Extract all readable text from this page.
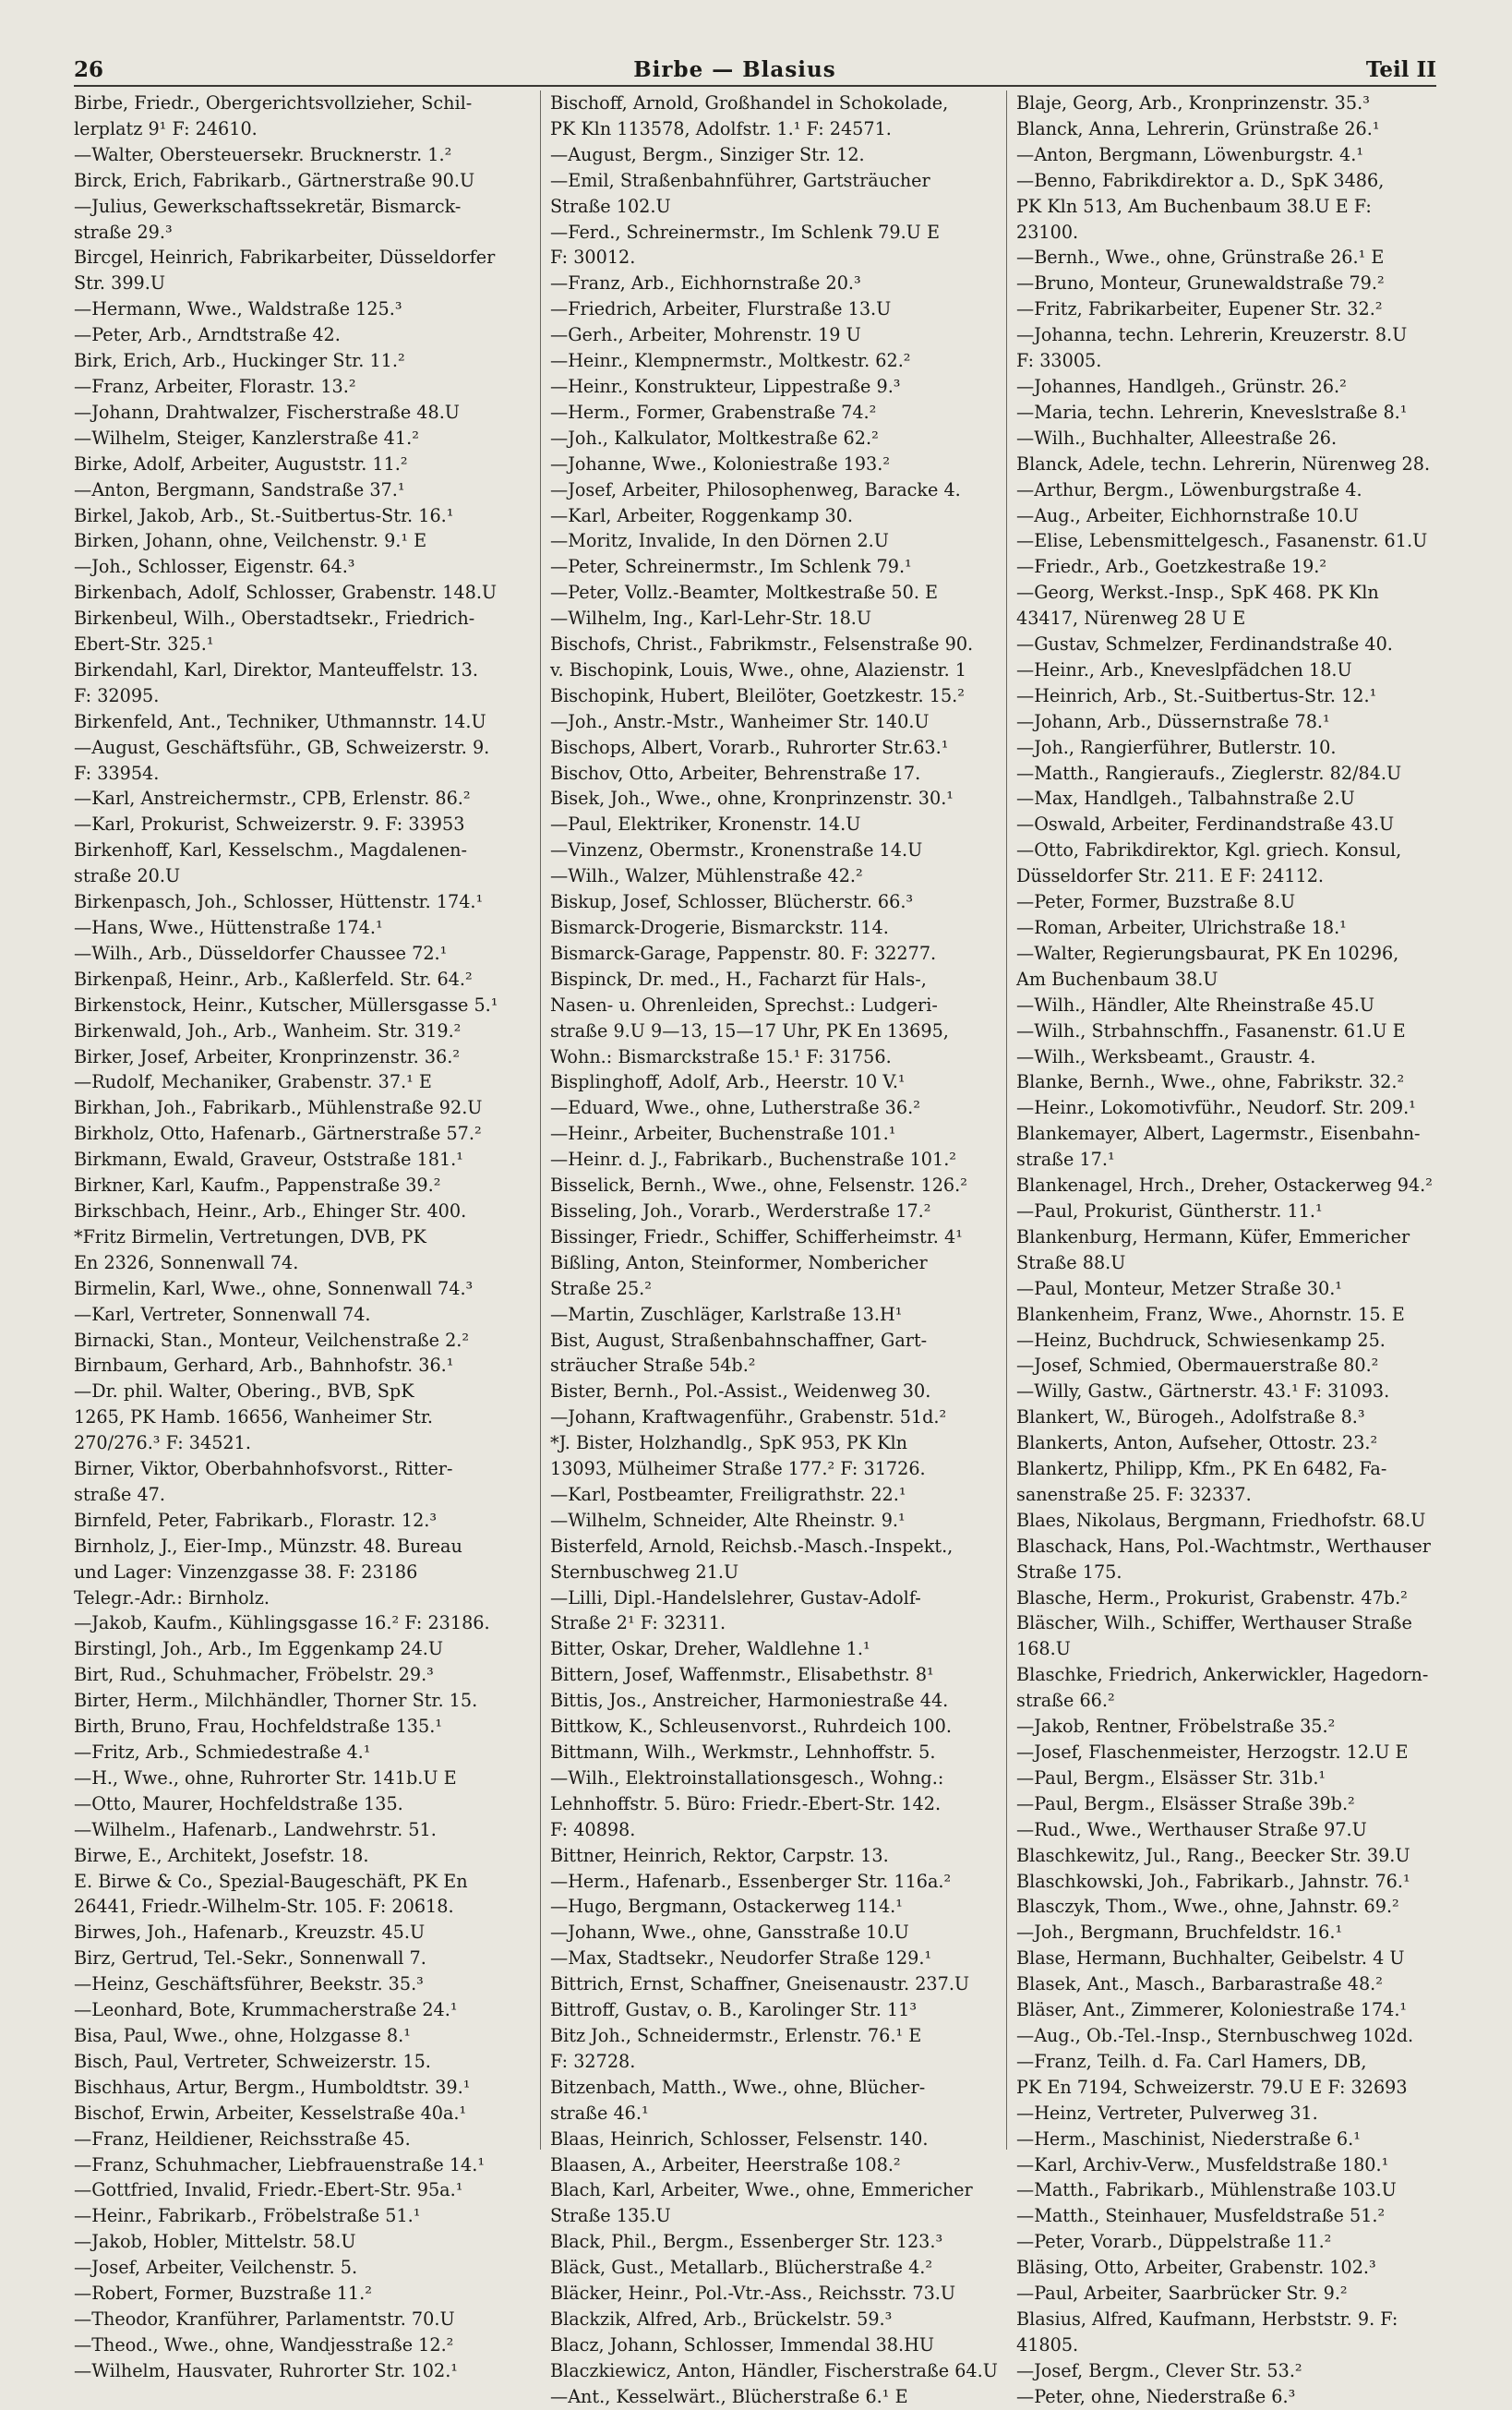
26	Birbe — Blasius	Teil II
Birbe, Friedr., Obergerichtsvollzieher, Schil-
lerplatz 9¹ F: 24610.
—Walter, Obersteuersekr. Brucknerstr. 1.²
Birck, Erich, Fabrikarb., Gärtnerstraße 90.U
—Julius, Gewerkschaftssekretär, Bismarck-
straße 29.³
Bircgel, Heinrich, Fabrikarbeiter, Düsseldorfer
Str. 399.U
—Hermann, Wwe., Waldstraße 125.³
—Peter, Arb., Arndtstraße 42.
Birk, Erich, Arb., Huckinger Str. 11.²
—Franz, Arbeiter, Florastr. 13.²
—Johann, Drahtwalzer, Fischerstraße 48.U
—Wilhelm, Steiger, Kanzlerstraße 41.²
Birke, Adolf, Arbeiter, Auguststr. 11.²
—Anton, Bergmann, Sandstraße 37.¹
Birkel, Jakob, Arb., St.-Suitbertus-Str. 16.¹
Birken, Johann, ohne, Veilchenstr. 9.¹ E
—Joh., Schlosser, Eigenstr. 64.³
Birkenbach, Adolf, Schlosser, Grabenstr. 148.U
Birkenbeul, Wilh., Oberstadtsekr., Friedrich-
Ebert-Str. 325.¹
Birkendahl, Karl, Direktor, Manteuffelstr. 13.
F: 32095.
Birkenfeld, Ant., Techniker, Uthmannstr. 14.U
—August, Geschäftsführ., GB, Schweizerstr. 9.
F: 33954.
—Karl, Anstreichermstr., CPB, Erlenstr. 86.²
—Karl, Prokurist, Schweizerstr. 9. F: 33953
Birkenhoff, Karl, Kesselschm., Magdalenen-
straße 20.U
Birkenpasch, Joh., Schlosser, Hüttenstr. 174.¹
—Hans, Wwe., Hüttenstraße 174.¹
—Wilh., Arb., Düsseldorfer Chaussee 72.¹
Birkenpaß, Heinr., Arb., Kaßlerfeld. Str. 64.²
Birkenstock, Heinr., Kutscher, Müllersgasse 5.¹
Birkenwald, Joh., Arb., Wanheim. Str. 319.²
Birker, Josef, Arbeiter, Kronprinzenstr. 36.²
—Rudolf, Mechaniker, Grabenstr. 37.¹ E
Birkhan, Joh., Fabrikarb., Mühlenstraße 92.U
Birkholz, Otto, Hafenarb., Gärtnerstraße 57.²
Birkmann, Ewald, Graveur, Oststraße 181.¹
Birkner, Karl, Kaufm., Pappenstraße 39.²
Birkschbach, Heinr., Arb., Ehinger Str. 400.
*Fritz Birmelin, Vertretungen, DVB, PK
En 2326, Sonnenwall 74.
Birmelin, Karl, Wwe., ohne, Sonnenwall 74.³
—Karl, Vertreter, Sonnenwall 74.
Birnacki, Stan., Monteur, Veilchenstraße 2.²
Birnbaum, Gerhard, Arb., Bahnhofstr. 36.¹
—Dr. phil. Walter, Obering., BVB, SpK
1265, PK Hamb. 16656, Wanheimer Str.
270/276.³ F: 34521.
Birner, Viktor, Oberbahnhofsvorst., Ritter-
straße 47.
Birnfeld, Peter, Fabrikarb., Florastr. 12.³
Birnholz, J., Eier-Imp., Münzstr. 48. Bureau
und Lager: Vinzenzgasse 38. F: 23186
Telegr.-Adr.: Birnholz.
—Jakob, Kaufm., Kühlingsgasse 16.² F: 23186.
Birstingl, Joh., Arb., Im Eggenkamp 24.U
Birt, Rud., Schuhmacher, Fröbelstr. 29.³
Birter, Herm., Milchhändler, Thorner Str. 15.
Birth, Bruno, Frau, Hochfeldstraße 135.¹
—Fritz, Arb., Schmiedestraße 4.¹
—H., Wwe., ohne, Ruhrorter Str. 141b.U E
—Otto, Maurer, Hochfeldstraße 135.
—Wilhelm., Hafenarb., Landwehrstr. 51.
Birwe, E., Architekt, Josefstr. 18.
E. Birwe & Co., Spezial-Baugeschäft, PK En
26441, Friedr.-Wilhelm-Str. 105. F: 20618.
Birwes, Joh., Hafenarb., Kreuzstr. 45.U
Birz, Gertrud, Tel.-Sekr., Sonnenwall 7.
—Heinz, Geschäftsführer, Beekstr. 35.³
—Leonhard, Bote, Krummacherstraße 24.¹
Bisa, Paul, Wwe., ohne, Holzgasse 8.¹
Bisch, Paul, Vertreter, Schweizerstr. 15.
Bischhaus, Artur, Bergm., Humboldtstr. 39.¹
Bischof, Erwin, Arbeiter, Kesselstraße 40a.¹
—Franz, Heildiener, Reichsstraße 45.
—Franz, Schuhmacher, Liebfrauenstraße 14.¹
—Gottfried, Invalid, Friedr.-Ebert-Str. 95a.¹
—Heinr., Fabrikarb., Fröbelstraße 51.¹
—Jakob, Hobler, Mittelstr. 58.U
—Josef, Arbeiter, Veilchenstr. 5.
—Robert, Former, Buzstraße 11.²
—Theodor, Kranführer, Parlamentstr. 70.U
—Theod., Wwe., ohne, Wandjesstraße 12.²
—Wilhelm, Hausvater, Ruhrorter Str. 102.¹
Bischoff, Arnold, Großhandel in Schokolade,
PK Kln 113578, Adolfstr. 1.¹ F: 24571.
—August, Bergm., Sinziger Str. 12.
—Emil, Straßenbahnführer, Gartsträucher
Straße 102.U
—Ferd., Schreinermstr., Im Schlenk 79.U E
F: 30012.
—Franz, Arb., Eichhornstraße 20.³
—Friedrich, Arbeiter, Flurstraße 13.U
—Gerh., Arbeiter, Mohrenstr. 19 U
—Heinr., Klempnermstr., Moltkestr. 62.²
—Heinr., Konstrukteur, Lippestraße 9.³
—Herm., Former, Grabenstraße 74.²
—Joh., Kalkulator, Moltkestraße 62.²
—Johanne, Wwe., Koloniestraße 193.²
—Josef, Arbeiter, Philosophenweg, Baracke 4.
—Karl, Arbeiter, Roggenkamp 30.
—Moritz, Invalide, In den Dörnen 2.U
—Peter, Schreinermstr., Im Schlenk 79.¹
—Peter, Vollz.-Beamter, Moltkestraße 50. E
—Wilhelm, Ing., Karl-Lehr-Str. 18.U
Bischofs, Christ., Fabrikmstr., Felsenstraße 90.
v. Bischopink, Louis, Wwe., ohne, Alazienstr. 1
Bischopink, Hubert, Bleilöter, Goetzkestr. 15.²
—Joh., Anstr.-Mstr., Wanheimer Str. 140.U
Bischops, Albert, Vorarb., Ruhrorter Str.63.¹
Bischov, Otto, Arbeiter, Behrenstraße 17.
Bisek, Joh., Wwe., ohne, Kronprinzenstr. 30.¹
—Paul, Elektriker, Kronenstr. 14.U
—Vinzenz, Obermstr., Kronenstraße 14.U
—Wilh., Walzer, Mühlenstraße 42.²
Biskup, Josef, Schlosser, Blücherstr. 66.³
Bismarck-Drogerie, Bismarckstr. 114.
Bismarck-Garage, Pappenstr. 80. F: 32277.
Bispinck, Dr. med., H., Facharzt für Hals-,
Nasen- u. Ohrenleiden, Sprechst.: Ludgeri-
straße 9.U 9—13, 15—17 Uhr, PK En 13695,
Wohn.: Bismarckstraße 15.¹ F: 31756.
Bisplinghoff, Adolf, Arb., Heerstr. 10 V.¹
—Eduard, Wwe., ohne, Lutherstraße 36.²
—Heinr., Arbeiter, Buchenstraße 101.¹
—Heinr. d. J., Fabrikarb., Buchenstraße 101.²
Bisselick, Bernh., Wwe., ohne, Felsenstr. 126.²
Bisseling, Joh., Vorarb., Werderstraße 17.²
Bissinger, Friedr., Schiffer, Schifferheimstr. 4¹
Bißling, Anton, Steinformer, Nombericher
Straße 25.²
—Martin, Zuschläger, Karlstraße 13.H¹
Bist, August, Straßenbahnschaffner, Gart-
sträucher Straße 54b.²
Bister, Bernh., Pol.-Assist., Weidenweg 30.
—Johann, Kraftwagenführ., Grabenstr. 51d.²
*J. Bister, Holzhandlg., SpK 953, PK Kln
13093, Mülheimer Straße 177.² F: 31726.
—Karl, Postbeamter, Freiligrathstr. 22.¹
—Wilhelm, Schneider, Alte Rheinstr. 9.¹
Bisterfeld, Arnold, Reichsb.-Masch.-Inspekt.,
Sternbuschweg 21.U
—Lilli, Dipl.-Handelslehrer, Gustav-Adolf-
Straße 2¹ F: 32311.
Bitter, Oskar, Dreher, Waldlehne 1.¹
Bittern, Josef, Waffenmstr., Elisabethstr. 8¹
Bittis, Jos., Anstreicher, Harmoniestraße 44.
Bittkow, K., Schleusenvorst., Ruhrdeich 100.
Bittmann, Wilh., Werkmstr., Lehnhoffstr. 5.
—Wilh., Elektroinstallationsgesch., Wohng.:
Lehnhoffstr. 5. Büro: Friedr.-Ebert-Str. 142.
F: 40898.
Bittner, Heinrich, Rektor, Carpstr. 13.
—Herm., Hafenarb., Essenberger Str. 116a.²
—Hugo, Bergmann, Ostackerweg 114.¹
—Johann, Wwe., ohne, Gansstraße 10.U
—Max, Stadtsekr., Neudorfer Straße 129.¹
Bittrich, Ernst, Schaffner, Gneisenaustr. 237.U
Bittroff, Gustav, o. B., Karolinger Str. 11³
Bitz Joh., Schneidermstr., Erlenstr. 76.¹ E
F: 32728.
Bitzenbach, Matth., Wwe., ohne, Blücher-
straße 46.¹
Blaas, Heinrich, Schlosser, Felsenstr. 140.
Blaasen, A., Arbeiter, Heerstraße 108.²
Blach, Karl, Arbeiter, Wwe., ohne, Emmericher
Straße 135.U
Black, Phil., Bergm., Essenberger Str. 123.³
Bläck, Gust., Metallarb., Blücherstraße 4.²
Bläcker, Heinr., Pol.-Vtr.-Ass., Reichsstr. 73.U
Blackzik, Alfred, Arb., Brückelstr. 59.³
Blacz, Johann, Schlosser, Immendal 38.HU
Blaczkiewicz, Anton, Händler, Fischerstraße 64.U
—Ant., Kesselwärt., Blücherstraße 6.¹ E
Blaje, Georg, Arb., Kronprinzenstr. 35.³
Blanck, Anna, Lehrerin, Grünstraße 26.¹
—Anton, Bergmann, Löwenburgstr. 4.¹
—Benno, Fabrikdirektor a. D., SpK 3486,
PK Kln 513, Am Buchenbaum 38.U E F:
23100.
—Bernh., Wwe., ohne, Grünstraße 26.¹ E
—Bruno, Monteur, Grunewaldstraße 79.²
—Fritz, Fabrikarbeiter, Eupener Str. 32.²
—Johanna, techn. Lehrerin, Kreuzerstr. 8.U
F: 33005.
—Johannes, Handlgeh., Grünstr. 26.²
—Maria, techn. Lehrerin, Kneveslstraße 8.¹
—Wilh., Buchhalter, Alleestraße 26.
Blanck, Adele, techn. Lehrerin, Nürenweg 28.
—Arthur, Bergm., Löwenburgstraße 4.
—Aug., Arbeiter, Eichhornstraße 10.U
—Elise, Lebensmittelgesch., Fasanenstr. 61.U
—Friedr., Arb., Goetzkestraße 19.²
—Georg, Werkst.-Insp., SpK 468. PK Kln
43417, Nürenweg 28 U E
—Gustav, Schmelzer, Ferdinandstraße 40.
—Heinr., Arb., Kneveslpfädchen 18.U
—Heinrich, Arb., St.-Suitbertus-Str. 12.¹
—Johann, Arb., Düssernstraße 78.¹
—Joh., Rangierführer, Butlerstr. 10.
—Matth., Rangieraufs., Zieglerstr. 82/84.U
—Max, Handlgeh., Talbahnstraße 2.U
—Oswald, Arbeiter, Ferdinandstraße 43.U
—Otto, Fabrikdirektor, Kgl. griech. Konsul,
Düsseldorfer Str. 211. E F: 24112.
—Peter, Former, Buzstraße 8.U
—Roman, Arbeiter, Ulrichstraße 18.¹
—Walter, Regierungsbaurat, PK En 10296,
Am Buchenbaum 38.U
—Wilh., Händler, Alte Rheinstraße 45.U
—Wilh., Strbahnschffn., Fasanenstr. 61.U E
—Wilh., Werksbeamt., Graustr. 4.
Blanke, Bernh., Wwe., ohne, Fabrikstr. 32.²
—Heinr., Lokomotivführ., Neudorf. Str. 209.¹
Blankemayer, Albert, Lagermstr., Eisenbahn-
straße 17.¹
Blankenagel, Hrch., Dreher, Ostackerweg 94.²
—Paul, Prokurist, Güntherstr. 11.¹
Blankenburg, Hermann, Küfer, Emmericher
Straße 88.U
—Paul, Monteur, Metzer Straße 30.¹
Blankenheim, Franz, Wwe., Ahornstr. 15. E
—Heinz, Buchdruck, Schwiesenkamp 25.
—Josef, Schmied, Obermauerstraße 80.²
—Willy, Gastw., Gärtnerstr. 43.¹ F: 31093.
Blankert, W., Bürogeh., Adolfstraße 8.³
Blankerts, Anton, Aufseher, Ottostr. 23.²
Blankertz, Philipp, Kfm., PK En 6482, Fa-
sanenstraße 25. F: 32337.
Blaes, Nikolaus, Bergmann, Friedhofstr. 68.U
Blaschack, Hans, Pol.-Wachtmstr., Werthauser
Straße 175.
Blasche, Herm., Prokurist, Grabenstr. 47b.²
Bläscher, Wilh., Schiffer, Werthauser Straße
168.U
Blaschke, Friedrich, Ankerwickler, Hagedorn-
straße 66.²
—Jakob, Rentner, Fröbelstraße 35.²
—Josef, Flaschenmeister, Herzogstr. 12.U E
—Paul, Bergm., Elsässer Str. 31b.¹
—Paul, Bergm., Elsässer Straße 39b.²
—Rud., Wwe., Werthauser Straße 97.U
Blaschkewitz, Jul., Rang., Beecker Str. 39.U
Blaschkowski, Joh., Fabrikarb., Jahnstr. 76.¹
Blasczyk, Thom., Wwe., ohne, Jahnstr. 69.²
—Joh., Bergmann, Bruchfeldstr. 16.¹
Blase, Hermann, Buchhalter, Geibelstr. 4 U
Blasek, Ant., Masch., Barbarastraße 48.²
Bläser, Ant., Zimmerer, Koloniestraße 174.¹
—Aug., Ob.-Tel.-Insp., Sternbuschweg 102d.
—Franz, Teilh. d. Fa. Carl Hamers, DB,
PK En 7194, Schweizerstr. 79.U E F: 32693
—Heinz, Vertreter, Pulverweg 31.
—Herm., Maschinist, Niederstraße 6.¹
—Karl, Archiv-Verw., Musfeldstraße 180.¹
—Matth., Fabrikarb., Mühlenstraße 103.U
—Matth., Steinhauer, Musfeldstraße 51.²
—Peter, Vorarb., Düppelstraße 11.²
Bläsing, Otto, Arbeiter, Grabenstr. 102.³
—Paul, Arbeiter, Saarbrücker Str. 9.²
Blasius, Alfred, Kaufmann, Herbststr. 9. F:
41805.
—Josef, Bergm., Clever Str. 53.²
—Peter, ohne, Niederstraße 6.³
